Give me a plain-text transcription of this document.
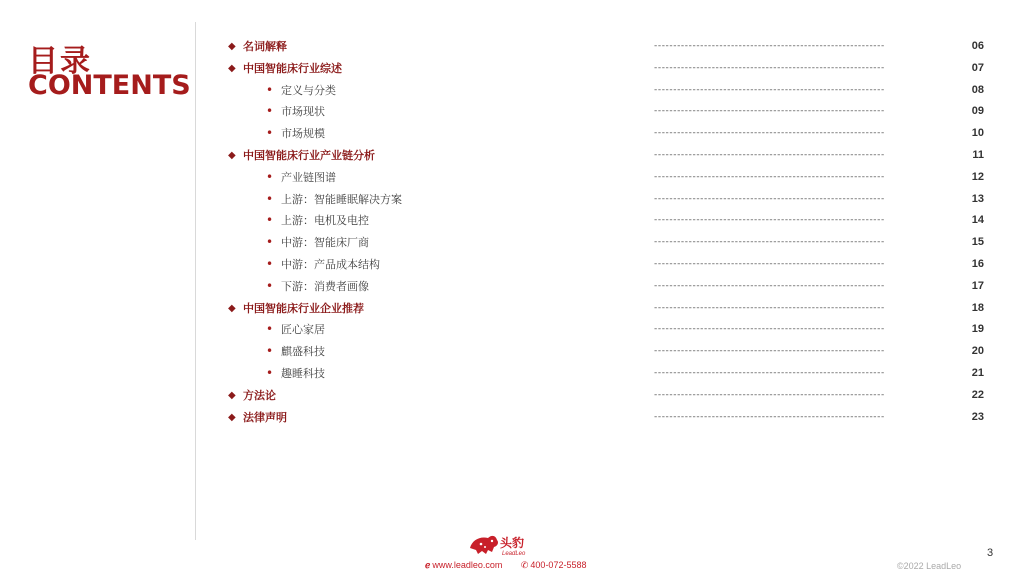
目录
CONTENTS
◆ 名词解释	------------------------------------------------------------	06
◆ 中国智能床行业综述	------------------------------------------------------------	07
• 定义与分类	------------------------------------------------------------	08
• 市场现状	------------------------------------------------------------	09
• 市场规模	------------------------------------------------------------	10
◆ 中国智能床行业产业链分析	------------------------------------------------------------	11
• 产业链图谱	------------------------------------------------------------	12
• 上游：智能睡眠解决方案	------------------------------------------------------------	13
• 上游：电机及电控	------------------------------------------------------------	14
• 中游：智能床厂商	------------------------------------------------------------	15
• 中游：产品成本结构	------------------------------------------------------------	16
• 下游：消费者画像	------------------------------------------------------------	17
◆ 中国智能床行业企业推荐	------------------------------------------------------------	18
• 匠心家居	------------------------------------------------------------	19
• 麒盛科技	------------------------------------------------------------	20
• 趣睡科技	------------------------------------------------------------	21
◆ 方法论	------------------------------------------------------------	22
◆ 法律声明	------------------------------------------------------------	23
头豹
LeadLeo
ℯ www.leadleo.com ✆ 400-072-5588
3
©2022 LeadLeo
